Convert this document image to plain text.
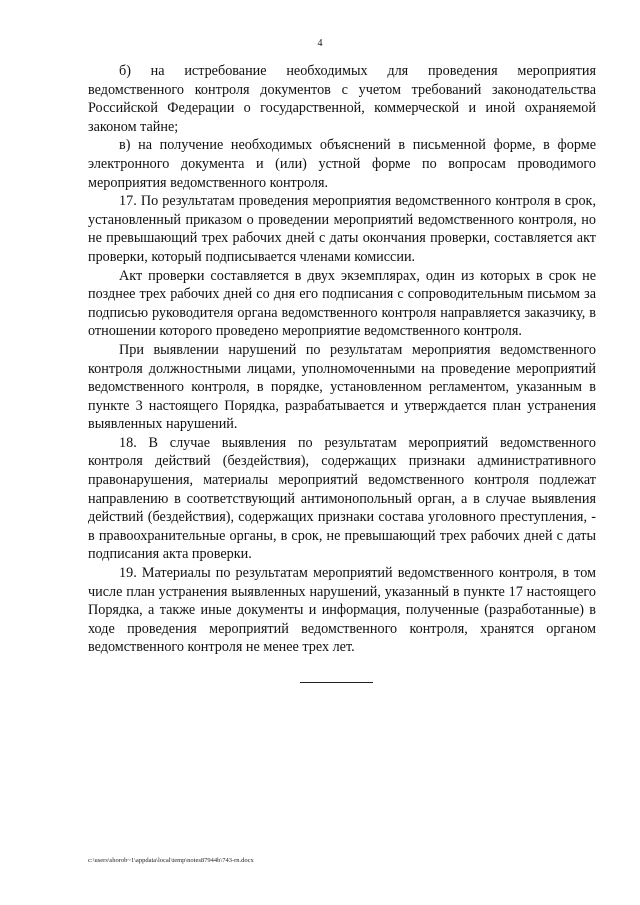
4

б) на истребование необходимых для проведения мероприятия ведомственного контроля документов с учетом требований законодательства Российской Федерации о государственной, коммерческой и иной охраняемой законом тайне;

в) на получение необходимых объяснений в письменной форме, в форме электронного документа и (или) устной форме по вопросам проводимого мероприятия ведомственного контроля.

17. По результатам проведения мероприятия ведомственного контроля в срок, установленный приказом о проведении мероприятий ведомственного контроля, но не превышающий трех рабочих дней с даты окончания проверки, составляется акт проверки, который подписывается членами комиссии.

Акт проверки составляется в двух экземплярах, один из которых в срок не позднее трех рабочих дней со дня его подписания с сопроводительным письмом за подписью руководителя органа ведомственного контроля направляется заказчику, в отношении которого проведено мероприятие ведомственного контроля.

При выявлении нарушений по результатам мероприятия ведомственного контроля должностными лицами, уполномоченными на проведение мероприятий ведомственного контроля, в порядке, установленном регламентом, указанным в пункте 3 настоящего Порядка, разрабатывается и утверждается план устранения выявленных нарушений.

18. В случае выявления по результатам мероприятий ведомственного контроля действий (бездействия), содержащих признаки административного правонарушения, материалы мероприятий ведомственного контроля подлежат направлению в соответствующий антимонопольный орган, а в случае выявления действий (бездействия), содержащих признаки состава уголовного преступления, - в правоохранительные органы, в срок, не превышающий трех рабочих дней с даты подписания акта проверки.

19. Материалы по результатам мероприятий ведомственного контроля, в том числе план устранения выявленных нарушений, указанный в пункте 17 настоящего Порядка, а также иные документы и информация, полученные (разработанные) в ходе проведения мероприятий ведомственного контроля, хранятся органом ведомственного контроля не менее трех лет.

c:\users\shorob~1\appdata\local\temp\notes87944b\743-rn.docx
